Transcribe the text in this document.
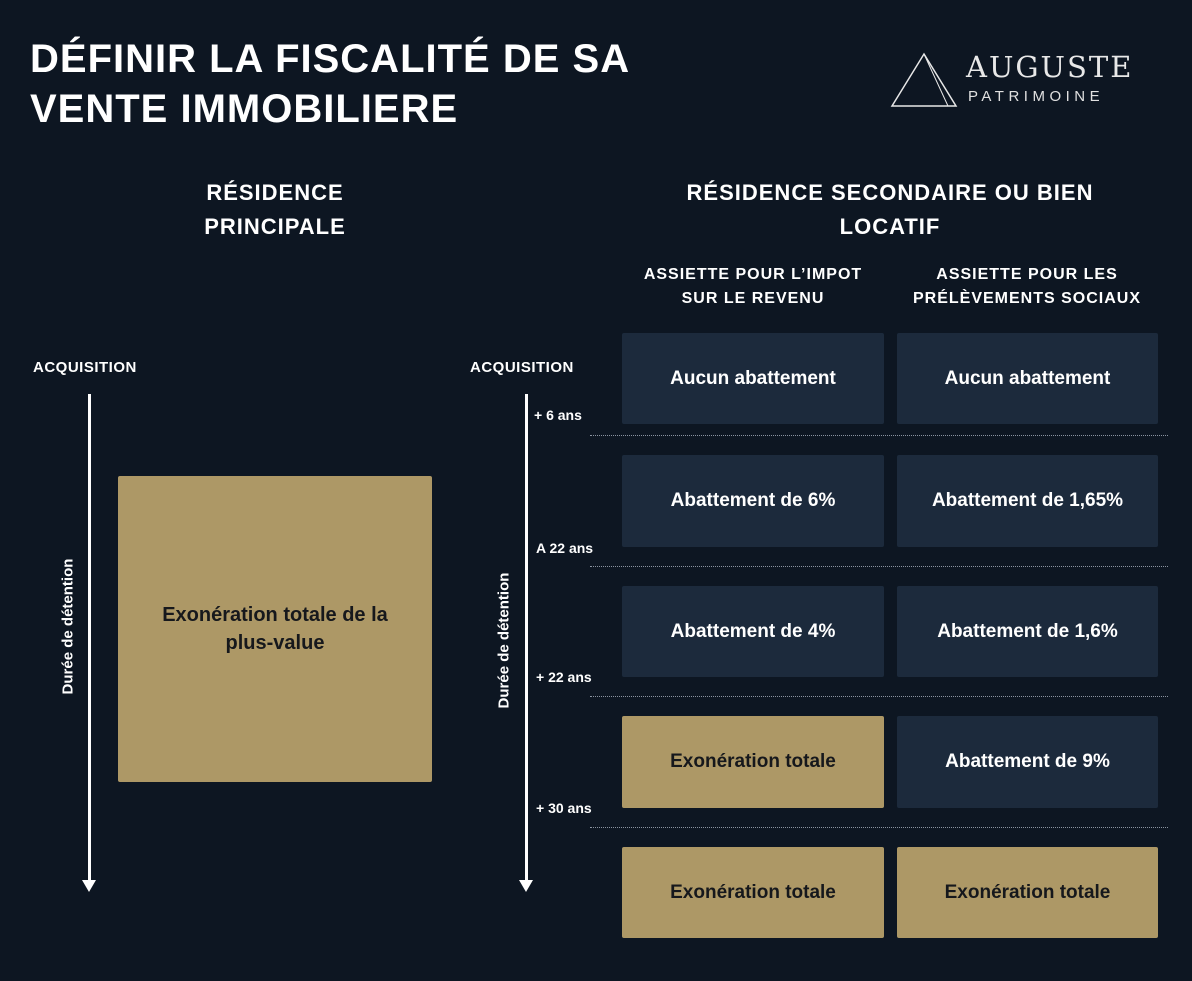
DÉFINIR LA FISCALITÉ DE SA
VENTE IMMOBILIERE
AUGUSTE
PATRIMOINE
RÉSIDENCE
PRINCIPALE
ACQUISITION
Durée de détention	Exonération totale de la plus-value
RÉSIDENCE SECONDAIRE OU BIEN
LOCATIF
ASSIETTE POUR L’IMPOT
SUR LE REVENU
ASSIETTE POUR LES
PRÉLÈVEMENTS SOCIAUX
ACQUISITION
Durée de détention
+ 6 ans
A 22 ans
+ 22 ans
+ 30 ans
Aucun abattement	Aucun abattement
Abattement de 6%	Abattement de 1,65%
Abattement de 4%	Abattement de 1,6%
Exonération totale	Abattement de 9%
Exonération totale	Exonération totale
